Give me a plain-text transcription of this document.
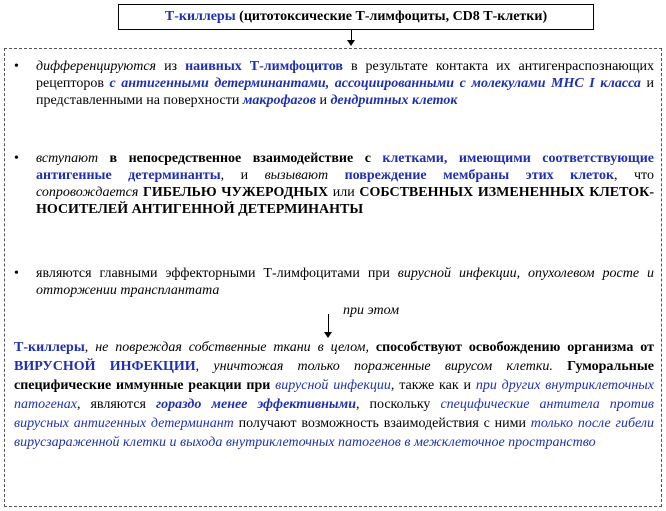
Т-киллеры (цитотоксические Т-лимфоциты, CD8 Т-клетки)
•	дифференцируются из наивных Т-лимфоцитов в результате контакта их антигенраспознающих рецепторов с антигенными детерминантами, ассоциированными с молекулами МНС I класса и представленными на поверхности макрофагов и дендритных клеток
•	вступают в непосредственное взаимодействие с клетками, имеющими соответствующие антигенные детерминанты, и вызывают повреждение мембраны этих клеток, что сопровождается ГИБЕЛЬЮ ЧУЖЕРОДНЫХ или СОБСТВЕННЫХ ИЗМЕНЕННЫХ КЛЕТОК-НОСИТЕЛЕЙ АНТИГЕННОЙ ДЕТЕРМИНАНТЫ
•	являются главными эффекторными Т-лимфоцитами при вирусной инфекции, опухолевом росте и отторжении трансплантата
при этом
Т-киллеры, не повреждая собственные ткани в целом, способствуют освобождению организма от ВИРУСНОЙ ИНФЕКЦИИ, уничтожая только пораженные вирусом клетки. Гуморальные специфические иммунные реакции при вирусной инфекции, также как и при других внутриклеточных патогенах, являются гораздо менее эффективными, поскольку специфические антитела против вирусных антигенных детерминант получают возможность взаимодействия с ними только после гибели вирусзараженной клетки и выхода внутриклеточных патогенов в межклеточное пространство
